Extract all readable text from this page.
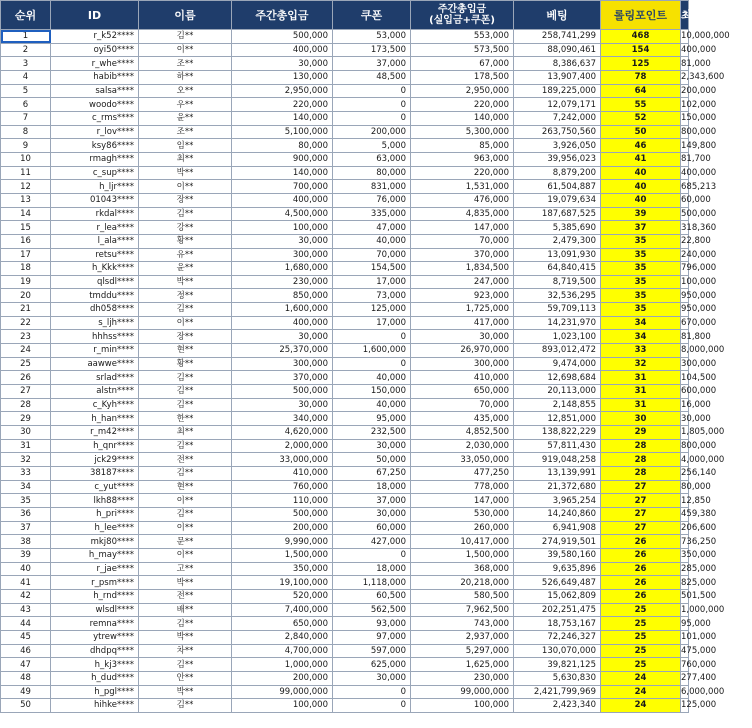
순위	ID	이름	주간총입금	쿠폰	주간총입금
(실입금+쿠폰)	베팅	롤링포인트	최대 획득 금액
1	r_k52****	김**	500,000	53,000	553,000	258,741,299	468	10,000,000
2	oyi50****	이**	400,000	173,500	573,500	88,090,461	154	400,000
3	r_whe****	조**	30,000	37,000	67,000	8,386,637	125	81,000
4	habib****	하**	130,000	48,500	178,500	13,907,400	78	2,343,600
5	salsa****	오**	2,950,000	0	2,950,000	189,225,000	64	200,000
6	woodo****	우**	220,000	0	220,000	12,079,171	55	102,000
7	c_rms****	윤**	140,000	0	140,000	7,242,000	52	150,000
8	r_lov****	조**	5,100,000	200,000	5,300,000	263,750,560	50	800,000
9	ksy86****	임**	80,000	5,000	85,000	3,926,050	46	149,800
10	rmagh****	최**	900,000	63,000	963,000	39,956,023	41	81,700
11	c_sup****	박**	140,000	80,000	220,000	8,879,200	40	400,000
12	h_ljr****	이**	700,000	831,000	1,531,000	61,504,887	40	685,213
13	01043****	장**	400,000	76,000	476,000	19,079,634	40	60,000
14	rkdal****	김**	4,500,000	335,000	4,835,000	187,687,525	39	500,000
15	r_lea****	강**	100,000	47,000	147,000	5,385,690	37	318,360
16	l_ala****	황**	30,000	40,000	70,000	2,479,300	35	22,800
17	retsu****	유**	300,000	70,000	370,000	13,091,930	35	240,000
18	h_Kkk****	윤**	1,680,000	154,500	1,834,500	64,840,415	35	796,000
19	qlsdl****	박**	230,000	17,000	247,000	8,719,500	35	100,000
20	tmddu****	정**	850,000	73,000	923,000	32,536,295	35	950,000
21	dh058****	김**	1,600,000	125,000	1,725,000	59,709,113	35	950,000
22	s_ljh****	이**	400,000	17,000	417,000	14,231,970	34	670,000
23	hhhss****	장**	30,000	0	30,000	1,023,100	34	81,800
24	r_min****	현**	25,370,000	1,600,000	26,970,000	893,012,472	33	8,000,000
25	aawwe****	황**	300,000	0	300,000	9,474,000	32	300,000
26	srlad****	김**	370,000	40,000	410,000	12,698,684	31	104,500
27	alstn****	김**	500,000	150,000	650,000	20,113,000	31	600,000
28	c_Kyh****	김**	30,000	40,000	70,000	2,148,855	31	16,000
29	h_han****	한**	340,000	95,000	435,000	12,851,000	30	30,000
30	r_m42****	최**	4,620,000	232,500	4,852,500	138,822,229	29	1,805,000
31	h_qnr****	김**	2,000,000	30,000	2,030,000	57,811,430	28	800,000
32	jck29****	전**	33,000,000	50,000	33,050,000	919,048,258	28	4,000,000
33	38187****	김**	410,000	67,250	477,250	13,139,991	28	256,140
34	c_yut****	현**	760,000	18,000	778,000	21,372,680	27	80,000
35	lkh88****	이**	110,000	37,000	147,000	3,965,254	27	12,850
36	h_pri****	김**	500,000	30,000	530,000	14,240,860	27	459,380
37	h_lee****	이**	200,000	60,000	260,000	6,941,908	27	206,600
38	mkj80****	문**	9,990,000	427,000	10,417,000	274,919,501	26	736,250
39	h_may****	이**	1,500,000	0	1,500,000	39,580,160	26	350,000
40	r_jae****	고**	350,000	18,000	368,000	9,635,896	26	285,000
41	r_psm****	박**	19,100,000	1,118,000	20,218,000	526,649,487	26	825,000
42	h_rnd****	전**	520,000	60,500	580,500	15,062,809	26	501,500
43	wlsdl****	배**	7,400,000	562,500	7,962,500	202,251,475	25	1,000,000
44	remna****	김**	650,000	93,000	743,000	18,753,167	25	95,000
45	ytrew****	박**	2,840,000	97,000	2,937,000	72,246,327	25	101,000
46	dhdpq****	차**	4,700,000	597,000	5,297,000	130,070,000	25	475,000
47	h_kj3****	김**	1,000,000	625,000	1,625,000	39,821,125	25	760,000
48	h_dud****	안**	200,000	30,000	230,000	5,630,830	24	277,400
49	h_pgl****	박**	99,000,000	0	99,000,000	2,421,799,969	24	6,000,000
50	hihke****	김**	100,000	0	100,000	2,423,340	24	125,000
